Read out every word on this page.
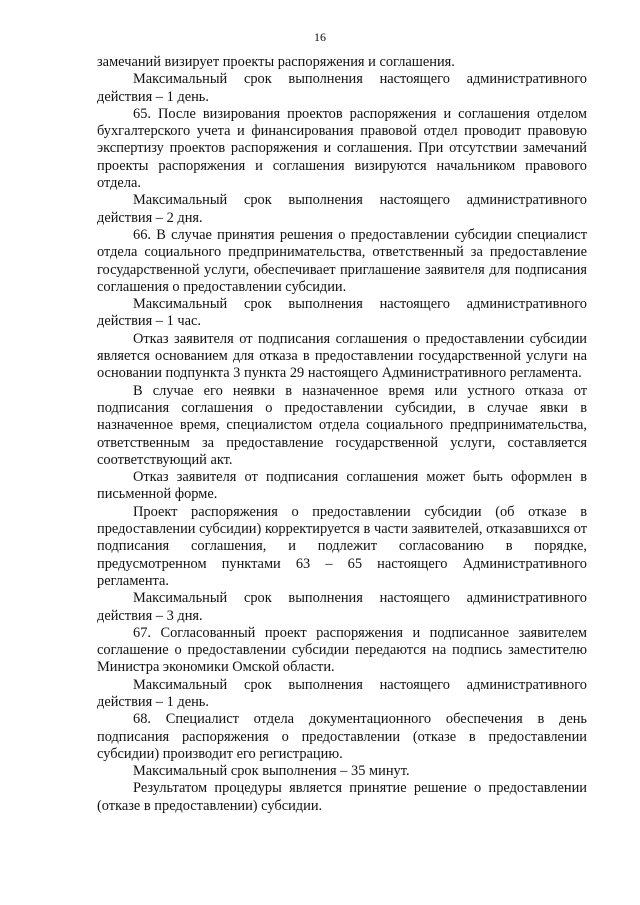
16

замечаний визирует проекты распоряжения и соглашения.

Максимальный срок выполнения настоящего административного действия – 1 день.

65. После визирования проектов распоряжения и соглашения отделом бухгалтерского учета и финансирования правовой отдел проводит правовую экспертизу проектов распоряжения и соглашения. При отсутствии замечаний проекты распоряжения и соглашения визируются начальником правового отдела.

Максимальный срок выполнения настоящего административного действия – 2 дня.

66. В случае принятия решения о предоставлении субсидии специалист отдела социального предпринимательства, ответственный за предоставление государственной услуги, обеспечивает приглашение заявителя для подписания соглашения о предоставлении субсидии.

Максимальный срок выполнения настоящего административного действия – 1 час.

Отказ заявителя от подписания соглашения о предоставлении субсидии является основанием для отказа в предоставлении государственной услуги на основании подпункта 3 пункта 29 настоящего Административного регламента.

В случае его неявки в назначенное время или устного отказа от подписания соглашения о предоставлении субсидии, в случае явки в назначенное время, специалистом отдела социального предпринимательства, ответственным за предоставление государственной услуги, составляется соответствующий акт.

Отказ заявителя от подписания соглашения может быть оформлен в письменной форме.

Проект распоряжения о предоставлении субсидии (об отказе в предоставлении субсидии) корректируется в части заявителей, отказавшихся от подписания соглашения, и подлежит согласованию в порядке, предусмотренном пунктами 63 – 65 настоящего Административного регламента.

Максимальный срок выполнения настоящего административного действия – 3 дня.

67. Согласованный проект распоряжения и подписанное заявителем соглашение о предоставлении субсидии передаются на подпись заместителю Министра экономики Омской области.

Максимальный срок выполнения настоящего административного действия – 1 день.

68. Специалист отдела документационного обеспечения в день подписания распоряжения о предоставлении (отказе в предоставлении субсидии) производит его регистрацию.

Максимальный срок выполнения – 35 минут.

Результатом процедуры является принятие решение о предоставлении (отказе в предоставлении) субсидии.
